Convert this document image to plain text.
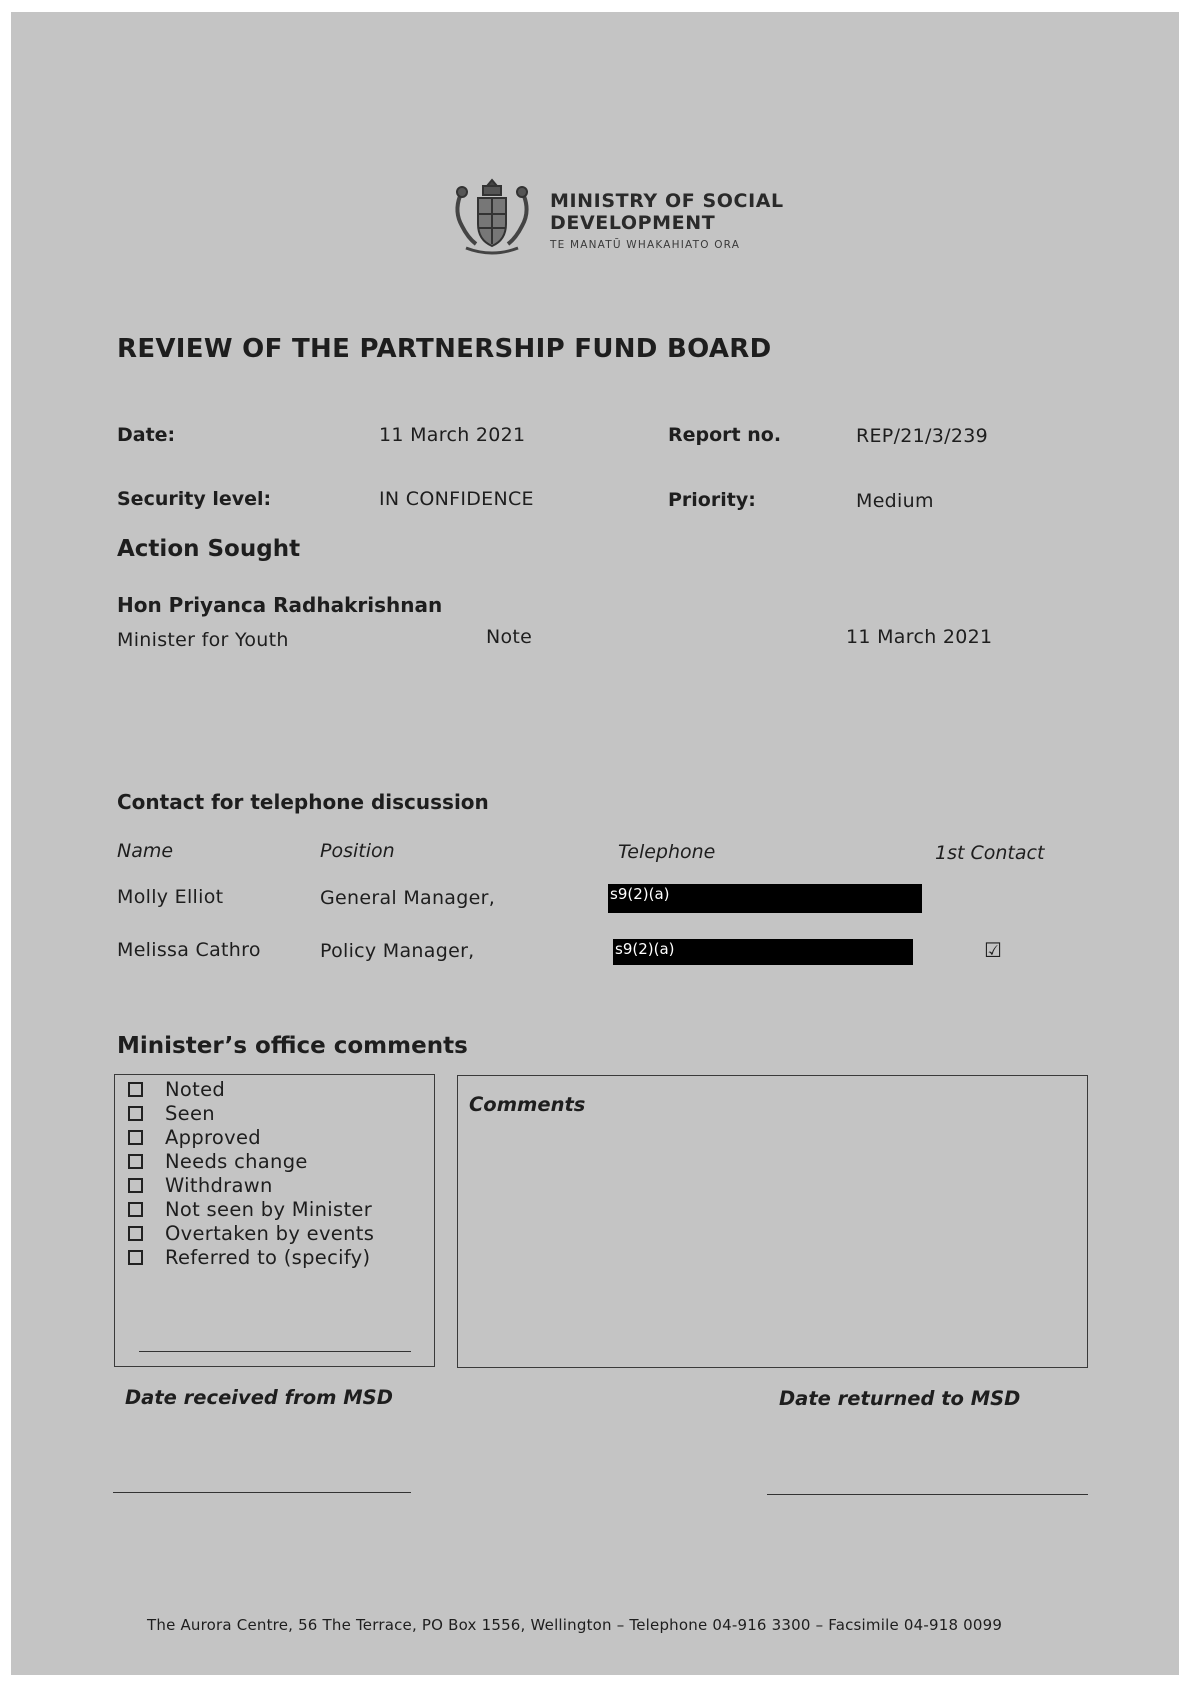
MINISTRY OF SOCIAL
DEVELOPMENT
TE MANATŪ WHAKAHIATO ORA
REVIEW OF THE PARTNERSHIP FUND BOARD
Date:	11 March 2021	Report no.	REP/21/3/239
Security level:	IN CONFIDENCE	Priority:	Medium
Action Sought
Hon Priyanca Radhakrishnan
Minister for Youth	Note	11 March 2021
Contact for telephone discussion
Name	Position	Telephone	1st Contact
Molly Elliot	General Manager,	s9(2)(a)
Melissa Cathro	Policy Manager,	s9(2)(a)	☑
Minister’s office comments
Noted
Seen
Approved
Needs change
Withdrawn
Not seen by Minister
Overtaken by events
Referred to (specify)
Comments
Date received from MSD	Date returned to MSD
The Aurora Centre, 56 The Terrace, PO Box 1556, Wellington – Telephone 04-916 3300 – Facsimile 04-918 0099
